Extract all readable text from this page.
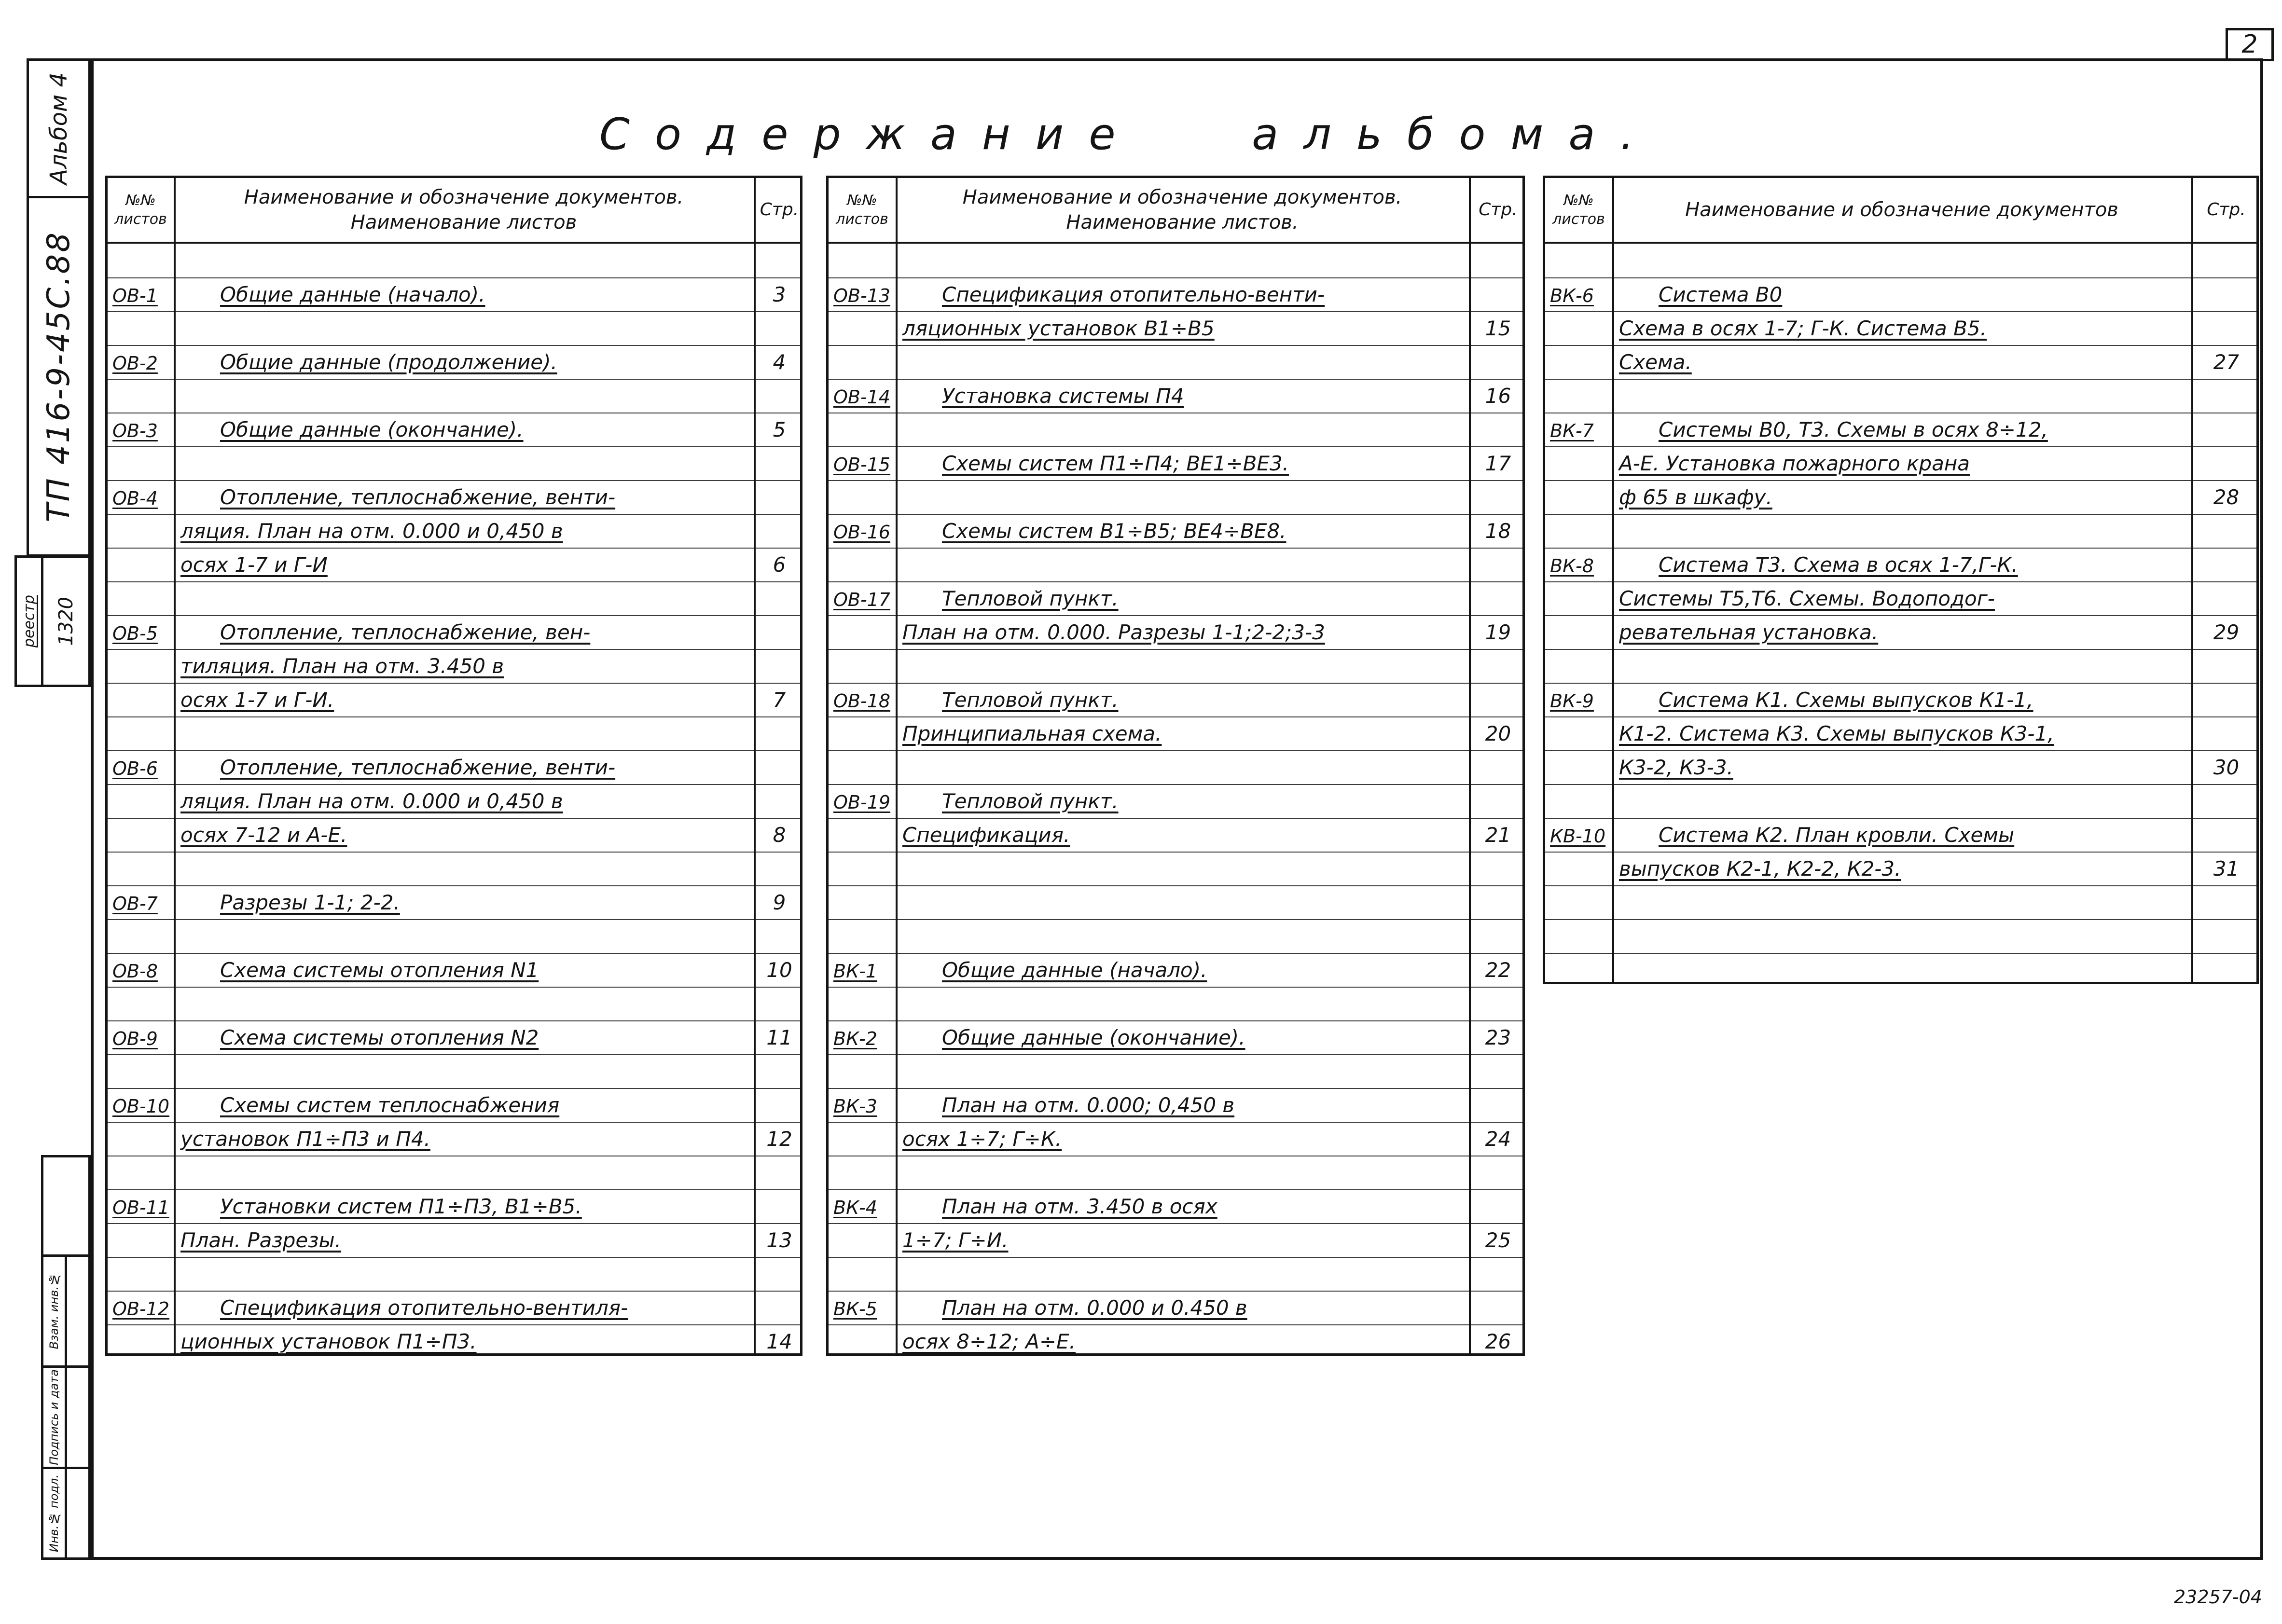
2
Содержание альбома.
Альбом 4
ТП 416-9-45С.88
реестр 1320
Взам. инв.№
Подпись и дата
Инв.№ подл.
№№
листов
Наименование и обозначение документов.
Наименование листов
Стр.
ОВ-1	Общие данные (начало).	3
ОВ-2	Общие данные (продолжение).	4
ОВ-3	Общие данные (окончание).	5
ОВ-4	Отопление, теплоснабжение, венти-
ляция. План на отм. 0.000 и 0,450 в
осях 1-7 и Г-И	6
ОВ-5	Отопление, теплоснабжение, вен-
тиляция. План на отм. 3.450 в
осях 1-7 и Г-И.	7
ОВ-6	Отопление, теплоснабжение, венти-
ляция. План на отм. 0.000 и 0,450 в
осях 7-12 и А-Е.	8
ОВ-7	Разрезы 1-1; 2-2.	9
ОВ-8	Схема системы отопления N1	10
ОВ-9	Схема системы отопления N2	11
ОВ-10 Схемы систем теплоснабжения
установок П1÷П3 и П4.	12
ОВ-11 Установки систем П1÷П3, В1÷В5.
План. Разрезы.	13
ОВ-12 Спецификация отопительно-вентиля-
ционных установок П1÷П3.	14
№№
листов
Наименование и обозначение документов.
Наименование листов.
Стр.
ОВ-13	Спецификация отопительно-венти-
ляционных установок В1÷В5	15
ОВ-14	Установка системы П4	16
ОВ-15	Схемы систем П1÷П4; ВЕ1÷ВЕ3.	17
ОВ-16	Схемы систем В1÷В5; ВЕ4÷ВЕ8.	18
ОВ-17	Тепловой пункт.
План на отм. 0.000. Разрезы 1-1;2-2;3-3	19
ОВ-18	Тепловой пункт.
Принципиальная схема.	20
ОВ-19	Тепловой пункт.
Спецификация.	21
ВК-1	Общие данные (начало).	22
ВК-2	Общие данные (окончание).	23
ВК-3	План на отм. 0.000; 0,450 в
осях 1÷7; Г÷К.	24
ВК-4	План на отм. 3.450 в осях
1÷7; Г÷И.	25
ВК-5	План на отм. 0.000 и 0.450 в
осях 8÷12; А÷Е.	26
№№
листов	Наименование и обозначение документов	Стр.
ВК-6	Система В0
Схема в осях 1-7; Г-К. Система В5.
Схема.	27
ВК-7	Системы В0, Т3. Схемы в осях 8÷12,
А-Е. Установка пожарного крана
ф 65 в шкафу.	28
ВК-8	Система Т3. Схема в осях 1-7,Г-К.
Системы Т5,Т6. Схемы. Водоподог-
ревательная установка.	29
ВК-9	Система К1. Схемы выпусков К1-1,
К1-2. Система К3. Схемы выпусков К3-1,
К3-2, К3-3.	30
КВ-10	Система К2. План кровли. Схемы
выпусков К2-1, К2-2, К2-3.	31
23257-04
